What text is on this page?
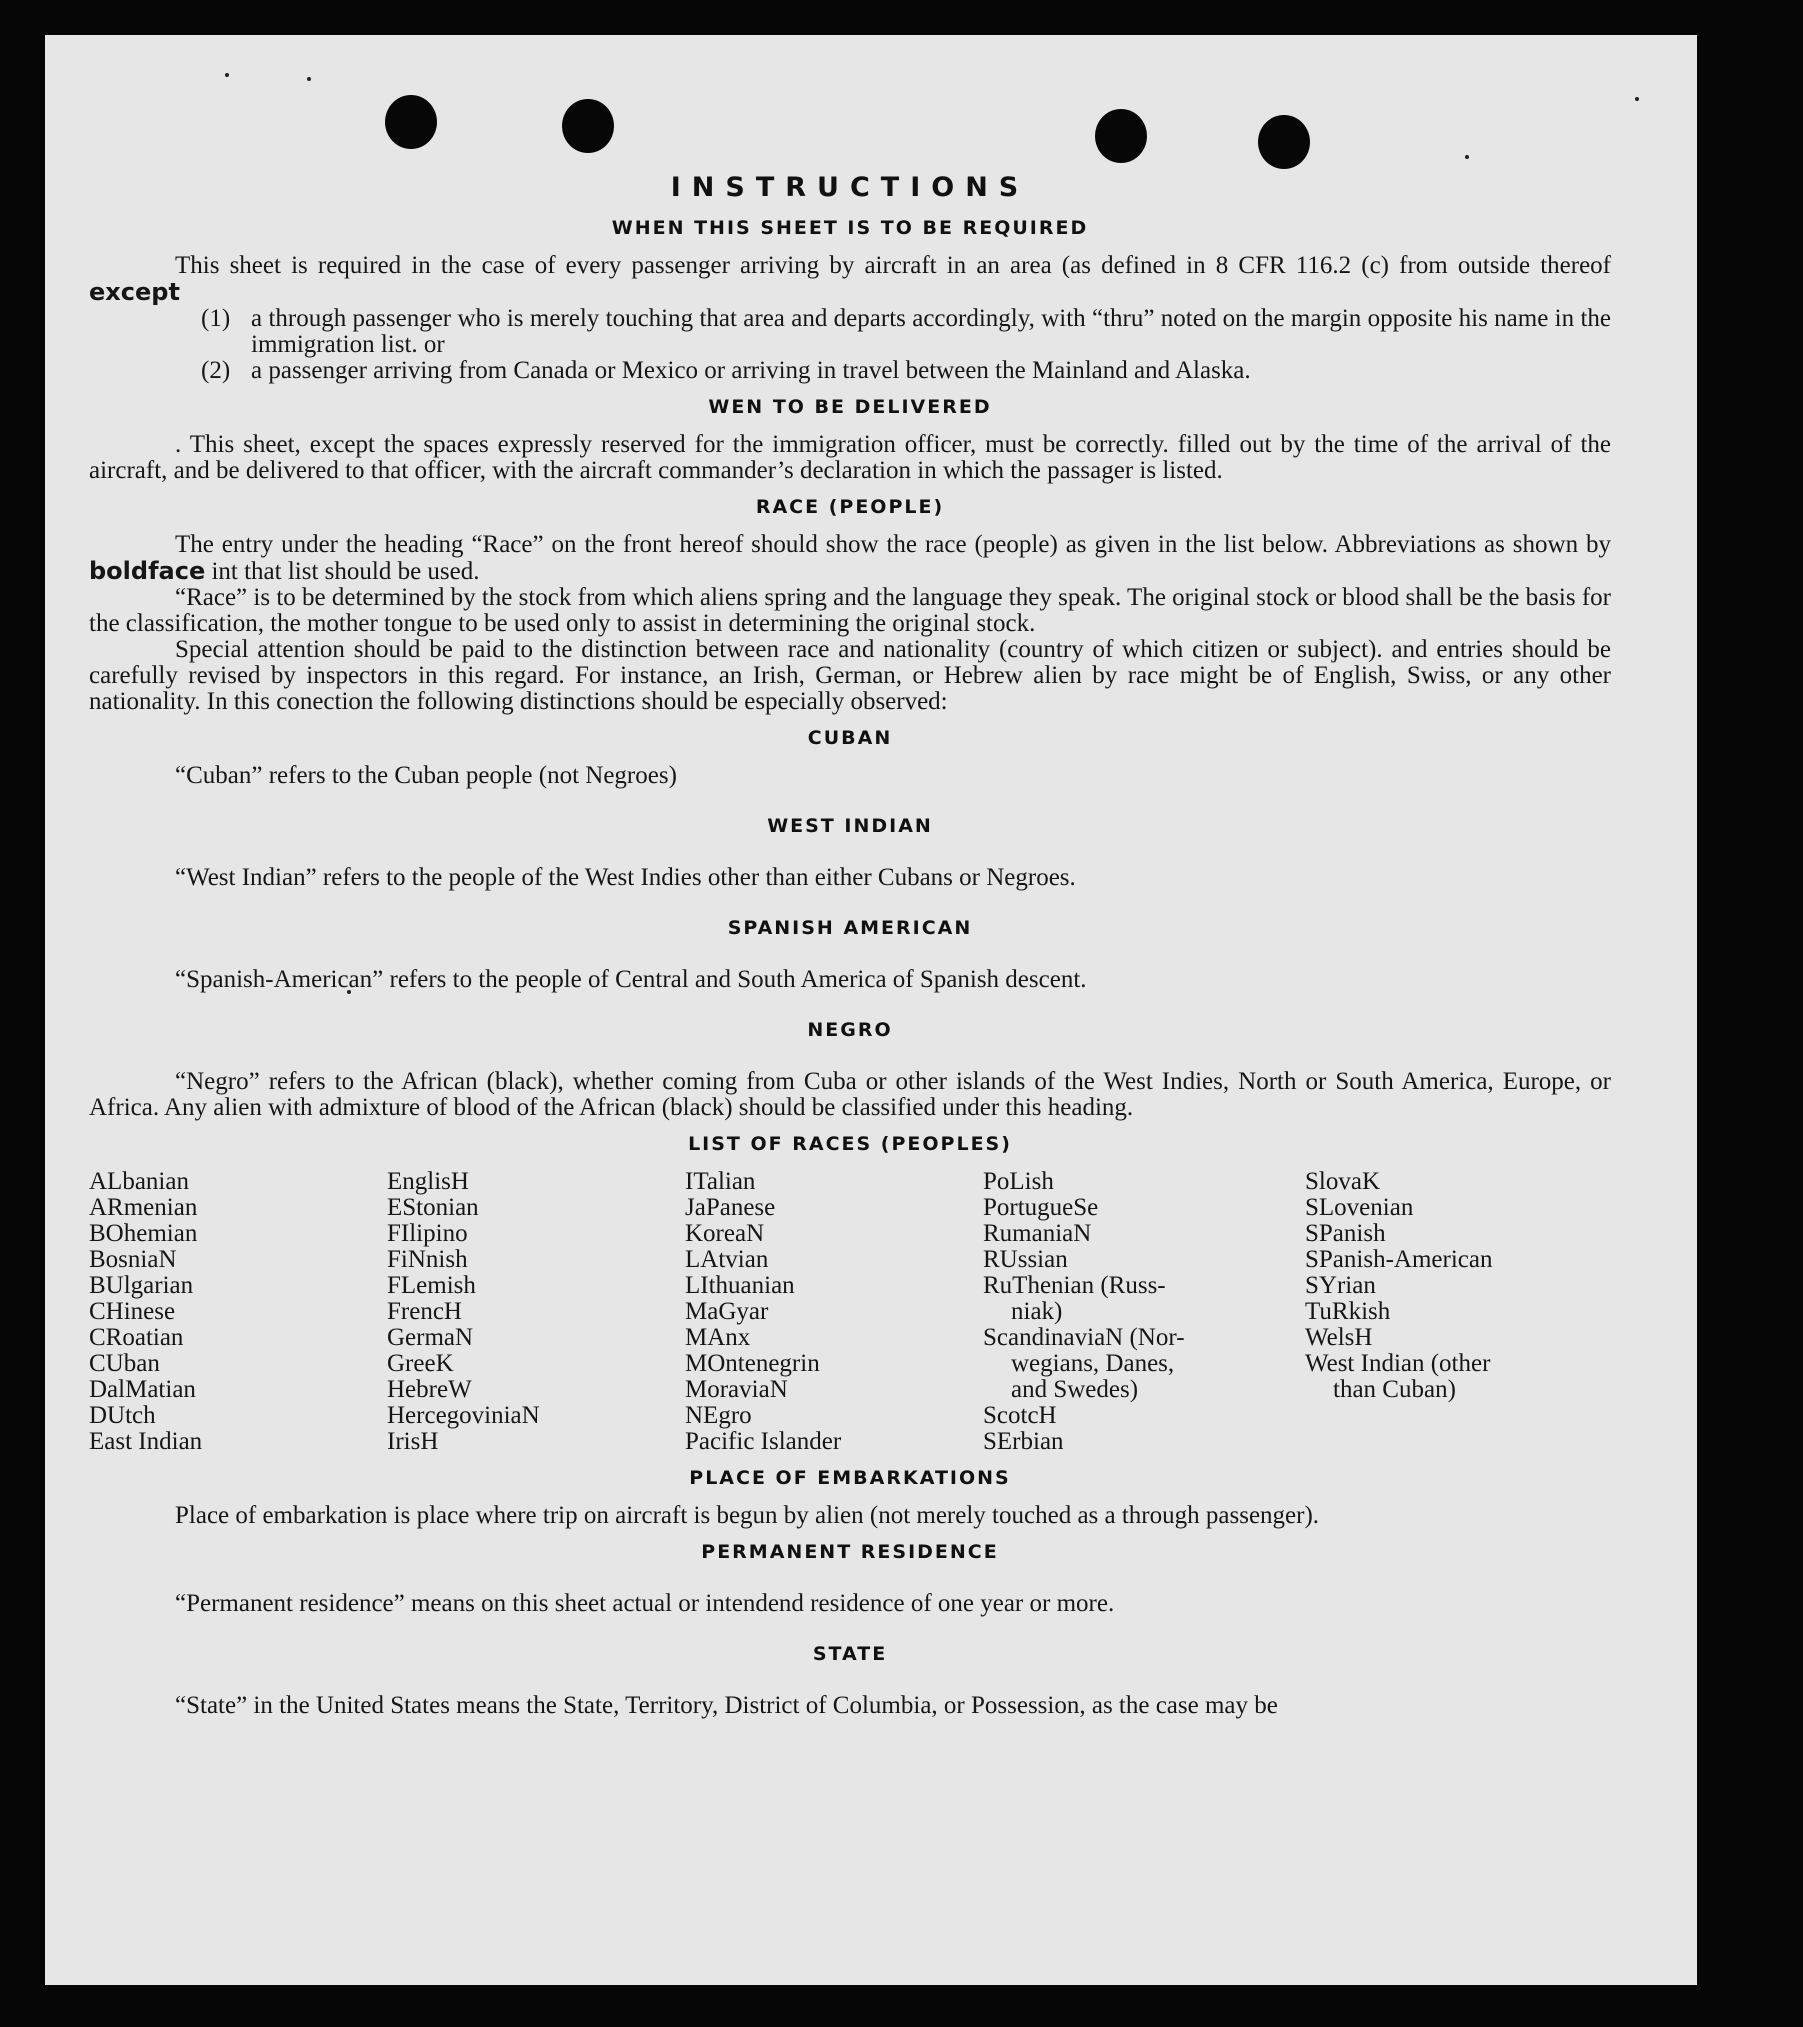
INSTRUCTIONS
WHEN THIS SHEET IS TO BE REQUIRED

This sheet is required in the case of every passenger arriving by aircraft in an area (as defined in 8 CFR 116.2 (c) from outside thereof except

(1) a through passenger who is merely touching that area and departs accordingly, with “thru” noted on the margin opposite his name in the immigration list. or
(2) a passenger arriving from Canada or Mexico or arriving in travel between the Mainland and Alaska.
WEN TO BE DELIVERED

. This sheet, except the spaces expressly reserved for the immigration officer, must be correctly. filled out by the time of the arrival of the aircraft, and be delivered to that officer, with the aircraft commander’s declaration in which the passager is listed.

RACE (PEOPLE)

The entry under the heading “Race” on the front hereof should show the race (people) as given in the list below. Abbreviations as shown by boldface int that list should be used.

“Race” is to be determined by the stock from which aliens spring and the language they speak. The original stock or blood shall be the basis for the classification, the mother tongue to be used only to assist in determining the original stock.

Special attention should be paid to the distinction between race and nationality (country of which citizen or subject). and entries should be carefully revised by inspectors in this regard. For instance, an Irish, German, or Hebrew alien by race might be of English, Swiss, or any other nationality. In this conection the following distinctions should be especially observed:

CUBAN

“Cuban” refers to the Cuban people (not Negroes)

WEST INDIAN

“West Indian” refers to the people of the West Indies other than either Cubans or Negroes.

SPANISH AMERICAN

“Spanish-American” refers to the people of Central and South America of Spanish descent.

NEGRO

“Negro” refers to the African (black), whether coming from Cuba or other islands of the West Indies, North or South America, Europe, or Africa. Any alien with admixture of blood of the African (black) should be classified under this heading.

LIST OF RACES (PEOPLES)
ALbanian
ARmenian
BOhemian
BosniaN
BUlgarian
CHinese
CRoatian
CUban
DalMatian
DUtch
East Indian
EnglisH
EStonian
FIlipino
FiNnish
FLemish
FrencH
GermaN
GreeK
HebreW
HercegoviniaN
IrisH
ITalian
JaPanese
KoreaN
LAtvian
LIthuanian
MaGyar
MAnx
MOntenegrin
MoraviaN
NEgro
Pacific Islander
PoLish
PortugueSe
RumaniaN
RUssian
RuThenian (Russ-
niak)
ScandinaviaN (Nor-
wegians, Danes,
and Swedes)
ScotcH
SErbian
SlovaK
SLovenian
SPanish
SPanish-American
SYrian
TuRkish
WelsH
West Indian (other
than Cuban)
PLACE OF EMBARKATIONS

Place of embarkation is place where trip on aircraft is begun by alien (not merely touched as a through passenger).

PERMANENT RESIDENCE

“Permanent residence” means on this sheet actual or intendend residence of one year or more.

STATE

“State” in the United States means the State, Territory, District of Columbia, or Possession, as the case may be
